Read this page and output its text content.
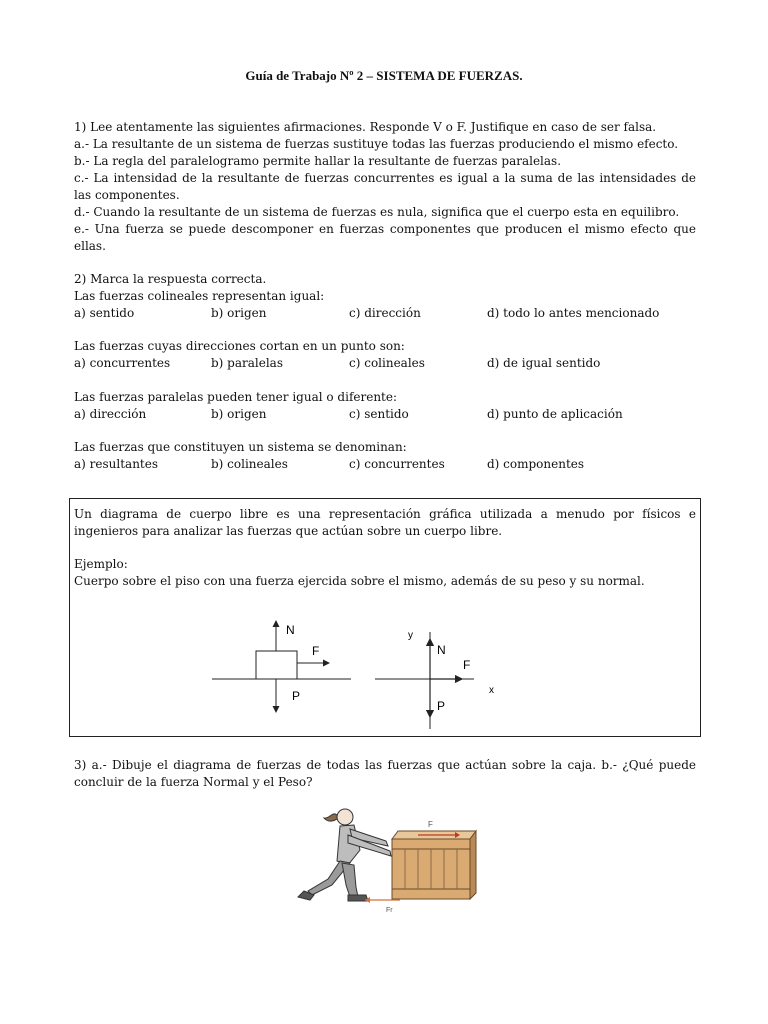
Guía de Trabajo Nº 2 – SISTEMA DE FUERZAS.
1) Lee atentamente las siguientes afirmaciones. Responde V o F. Justifique en caso de ser falsa.
a.- La resultante de un sistema de fuerzas sustituye todas las fuerzas produciendo el mismo efecto.
b.- La regla del paralelogramo permite hallar la resultante de fuerzas paralelas.
c.- La intensidad de la resultante de fuerzas concurrentes es igual a la suma de las intensidades de las componentes.
d.- Cuando la resultante de un sistema de fuerzas es nula, significa que el cuerpo esta en equilibro.
e.- Una fuerza se puede descomponer en fuerzas componentes que producen el mismo efecto que ellas.
2) Marca la respuesta correcta.
Las fuerzas colineales representan igual:
a) sentido	b) origen	c) dirección	d) todo lo antes mencionado
Las fuerzas cuyas direcciones cortan en un punto son:
a) concurrentes	b) paralelas	c) colineales	d) de igual sentido
Las fuerzas paralelas pueden tener igual o diferente:
a) dirección	b) origen	c) sentido	d) punto de aplicación
Las fuerzas que constituyen un sistema se denominan:
a) resultantes	b) colineales	c) concurrentes	d) componentes
Un diagrama de cuerpo libre es una representación gráfica utilizada a menudo por físicos e ingenieros para analizar las fuerzas que actúan sobre un cuerpo libre.
Ejemplo:
Cuerpo sobre el piso con una fuerza ejercida sobre el mismo, además de su peso y su normal.
N
F
P
y
x
N
F
P
3) a.- Dibuje el diagrama de fuerzas de todas las fuerzas que actúan sobre la caja. b.- ¿Qué puede concluir de la fuerza Normal y el Peso?
F
Fr
